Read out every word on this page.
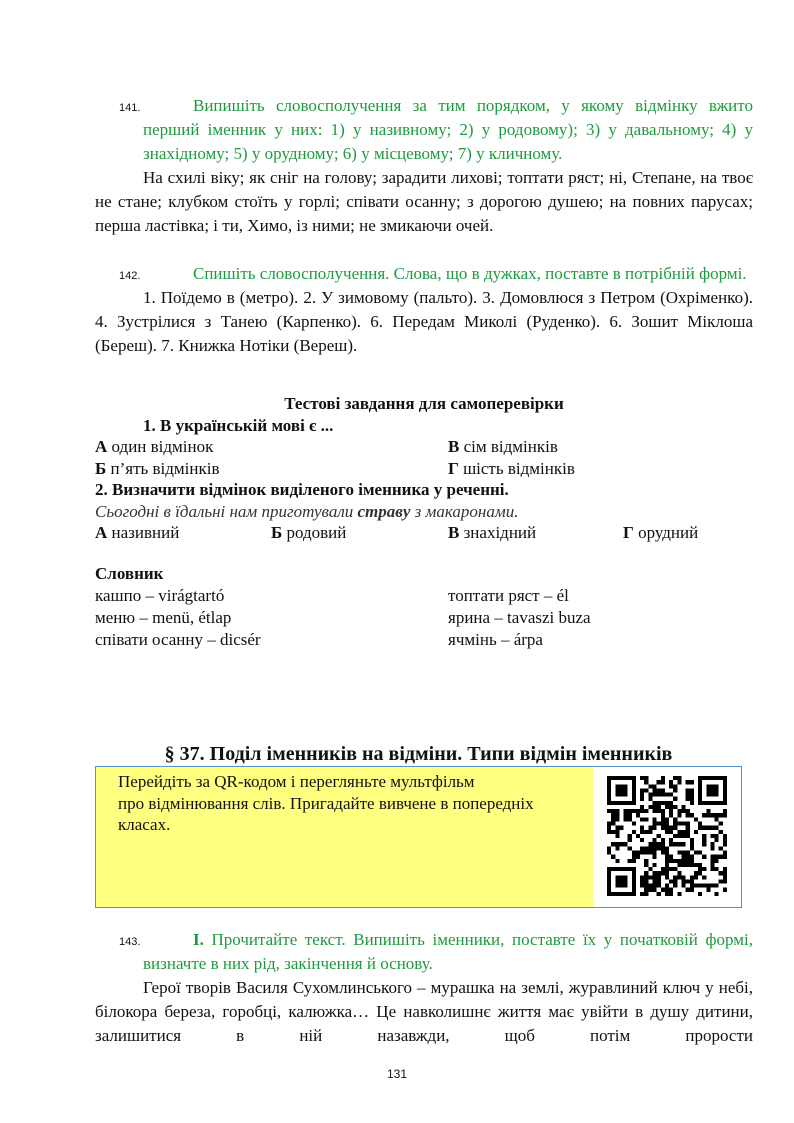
141.	Випишіть словосполучення за тим порядком, у якому відмінку вжито перший іменник у них: 1) у називному; 2) у родовому); 3) у давальному; 4) у знахідному; 5) у орудному; 6) у місцевому; 7) у кличному.
На схилі віку; як сніг на голову; зарадити лихові; топтати ряст; ні, Степане, на твоє не стане; клубком стоїть у горлі; співати осанну; з дорогою душею; на повних парусах; перша ластівка; і ти, Химо, із ними; не змикаючи очей.
142.	Спишіть словосполучення. Слова, що в дужках, поставте в потрібній формі.
1. Поїдемо в (метро). 2. У зимовому (пальто). 3. Домовлюся з Петром (Охріменко). 4. Зустрілися з Танею (Карпенко). 6. Передам Миколі (Руденко). 6. Зошит Міклоша (Береш). 7. Книжка Нотіки (Вереш).
Тестові завдання для самоперевірки
1. В українській мові є ...
А один відмінок	В сім відмінків
Б п’ять відмінків	Г шість відмінків
2. Визначити відмінок виділеного іменника у реченні.
Сьогодні в їдальні нам приготували страву з макаронами.
А називний	Б родовий	В знахідний	Г орудний
Словник
кашпо – virágtartó	топтати ряст – él
меню – menü, étlap	ярина – tavaszi buza
співати осанну – dicsér	ячмінь – árpa
§ 37. Поділ іменників на відміни. Типи відмін іменників
Перейдіть за QR-кодом і перегляньте мультфільм
про відмінювання слів. Пригадайте вивчене в попередніх
класах.
143.	І. Прочитайте текст. Випишіть іменники, поставте їх у початковій формі, визначте в них рід, закінчення й основу.
Герої творів Василя Сухомлинського – мурашка на землі, журавлиний ключ у небі, білокора береза, горобці, калюжка… Це навколишнє життя має увійти в душу дитини, залишитися в ній назавжди, щоб потім прорости
131
